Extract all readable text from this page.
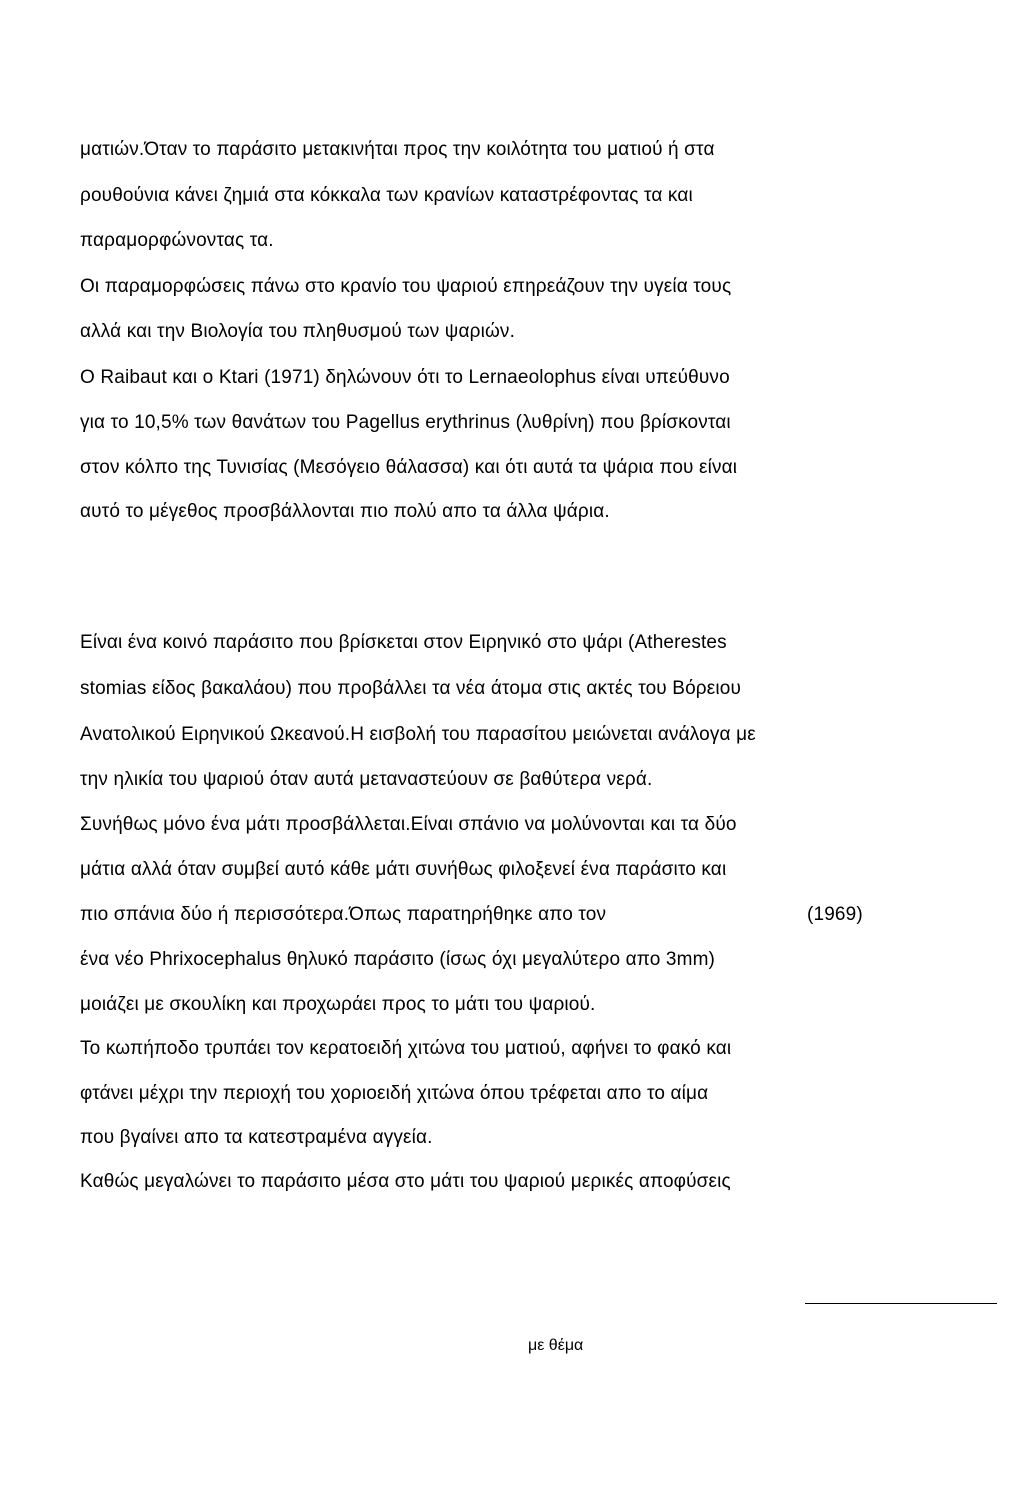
ματιών.Όταν το παράσιτο μετακινήται προς την κοιλότητα του ματιού ή στα
ρουθούνια κάνει ζημιά στα κόκκαλα των κρανίων καταστρέφοντας τα και
παραμορφώνοντας τα.
Οι παραμορφώσεις πάνω στο κρανίο του ψαριού επηρεάζουν την υγεία τους
αλλά και την Βιολογία του πληθυσμού των ψαριών.
Ο Raibaut και ο Ktari (1971) δηλώνουν ότι το Lernaeolophus είναι υπεύθυνο
για το 10,5% των θανάτων του Pagellus erythrinus (λυθρίνη) που βρίσκονται
στον κόλπο της Τυνισίας (Μεσόγειο θάλασσα) και ότι αυτά τα ψάρια που είναι
αυτό το μέγεθος προσβάλλονται πιο πολύ απο τα άλλα ψάρια.
Είναι ένα κοινό παράσιτο που βρίσκεται στον Ειρηνικό στο ψάρι (Atherestes
stomias είδος βακαλάου) που προβάλλει τα νέα άτομα στις ακτές του Βόρειου
Ανατολικού Ειρηνικού Ωκεανού.Η εισβολή του παρασίτου μειώνεται ανάλογα με
την ηλικία του ψαριού όταν αυτά μεταναστεύουν σε βαθύτερα νερά.
Συνήθως μόνο ένα μάτι προσβάλλεται.Είναι σπάνιο να μολύνονται και τα δύο
μάτια αλλά όταν συμβεί αυτό κάθε μάτι συνήθως φιλοξενεί ένα παράσιτο και
πιο σπάνια δύο ή περισσότερα.Όπως παρατηρήθηκε απο τον	(1969)
ένα νέο Phrixocephalus θηλυκό παράσιτο (ίσως όχι μεγαλύτερο απο 3mm)
μοιάζει με σκουλίκη και προχωράει προς το μάτι του ψαριού.
Το κωπήποδο τρυπάει τον κερατοειδή χιτώνα του ματιού, αφήνει το φακό και
φτάνει μέχρι την περιοχή του χοριοειδή χιτώνα όπου τρέφεται απο το αίμα
που βγαίνει απο τα κατεστραμένα αγγεία.
Καθώς μεγαλώνει το παράσιτο μέσα στο μάτι του ψαριού μερικές αποφύσεις
με θέμα
